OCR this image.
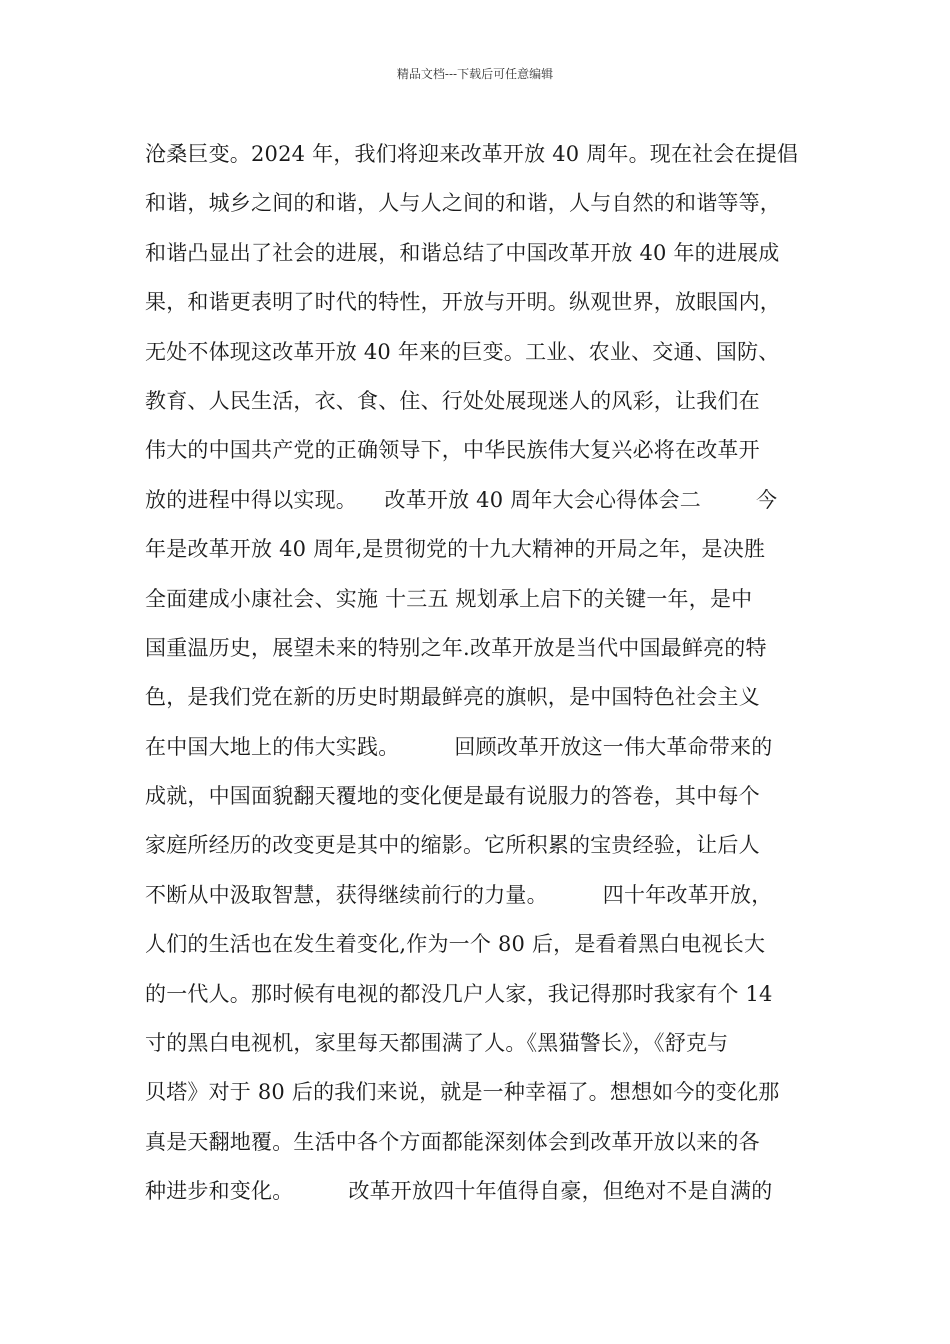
精品文档---下载后可任意编辑
沧桑巨变。2024 年，我们将迎来改革开放 40 周年。现在社会在提倡
和谐，城乡之间的和谐，人与人之间的和谐，人与自然的和谐等等，
和谐凸显出了社会的进展，和谐总结了中国改革开放 40 年的进展成
果，和谐更表明了时代的特性，开放与开明。纵观世界，放眼国内，
无处不体现这改革开放 40 年来的巨变。工业、农业、交通、国防、
教育、人民生活，衣、食、住、行处处展现迷人的风彩，让我们在
伟大的中国共产党的正确领导下，中华民族伟大复兴必将在改革开
放的进程中得以实现。    改革开放 40 周年大会心得体会二        今
年是改革开放 40 周年,是贯彻党的十九大精神的开局之年，是决胜
全面建成小康社会、实施 十三五 规划承上启下的关键一年，是中
国重温历史，展望未来的特别之年.改革开放是当代中国最鲜亮的特
色，是我们党在新的历史时期最鲜亮的旗帜，是中国特色社会主义
在中国大地上的伟大实践。        回顾改革开放这一伟大革命带来的
成就，中国面貌翻天覆地的变化便是最有说服力的答卷，其中每个
家庭所经历的改变更是其中的缩影。它所积累的宝贵经验，让后人
不断从中汲取智慧，获得继续前行的力量。        四十年改革开放，
人们的生活也在发生着变化,作为一个 80 后，是看着黑白电视长大
的一代人。那时候有电视的都没几户人家，我记得那时我家有个 14
寸的黑白电视机，家里每天都围满了人。《黑猫警长》，《舒克与
贝塔》对于 80 后的我们来说，就是一种幸福了。想想如今的变化那
真是天翻地覆。生活中各个方面都能深刻体会到改革开放以来的各
种进步和变化。        改革开放四十年值得自豪，但绝对不是自满的
